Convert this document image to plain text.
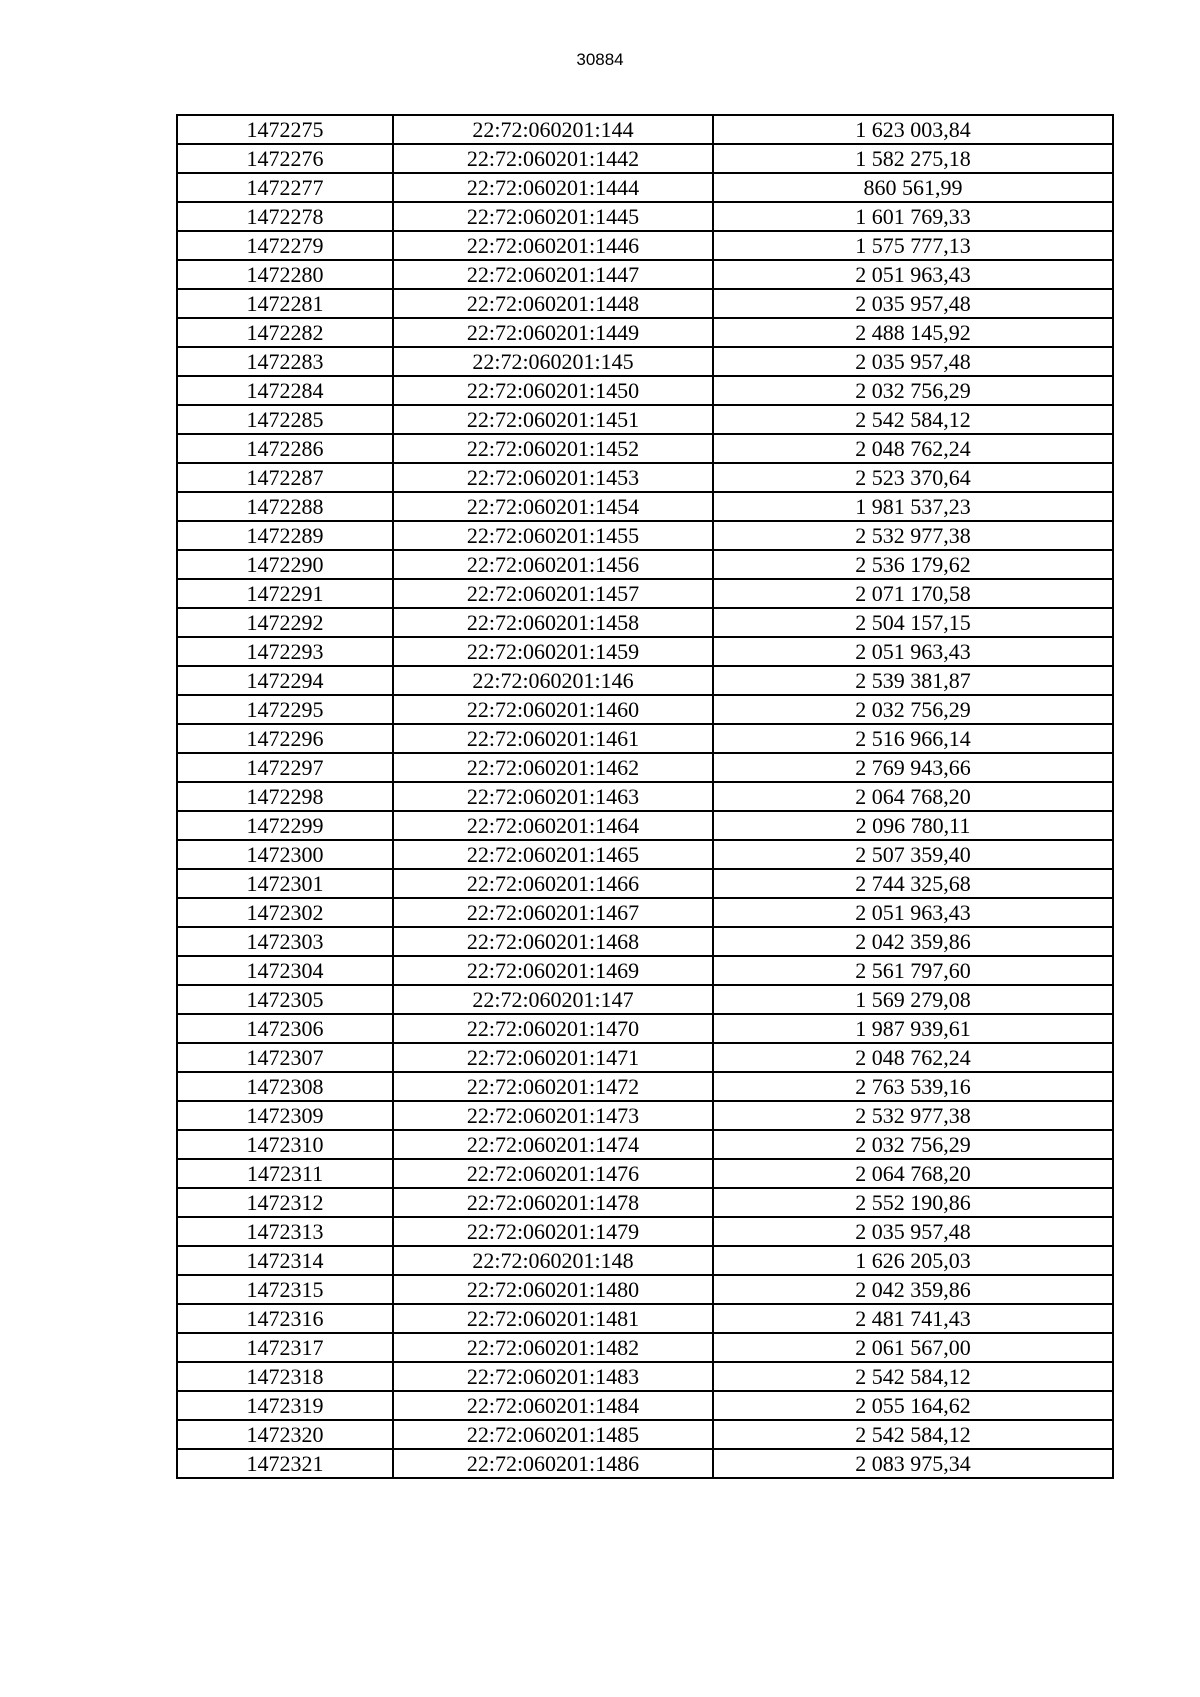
30884
1472275	22:72:060201:144	1 623 003,84
1472276	22:72:060201:1442	1 582 275,18
1472277	22:72:060201:1444	860 561,99
1472278	22:72:060201:1445	1 601 769,33
1472279	22:72:060201:1446	1 575 777,13
1472280	22:72:060201:1447	2 051 963,43
1472281	22:72:060201:1448	2 035 957,48
1472282	22:72:060201:1449	2 488 145,92
1472283	22:72:060201:145	2 035 957,48
1472284	22:72:060201:1450	2 032 756,29
1472285	22:72:060201:1451	2 542 584,12
1472286	22:72:060201:1452	2 048 762,24
1472287	22:72:060201:1453	2 523 370,64
1472288	22:72:060201:1454	1 981 537,23
1472289	22:72:060201:1455	2 532 977,38
1472290	22:72:060201:1456	2 536 179,62
1472291	22:72:060201:1457	2 071 170,58
1472292	22:72:060201:1458	2 504 157,15
1472293	22:72:060201:1459	2 051 963,43
1472294	22:72:060201:146	2 539 381,87
1472295	22:72:060201:1460	2 032 756,29
1472296	22:72:060201:1461	2 516 966,14
1472297	22:72:060201:1462	2 769 943,66
1472298	22:72:060201:1463	2 064 768,20
1472299	22:72:060201:1464	2 096 780,11
1472300	22:72:060201:1465	2 507 359,40
1472301	22:72:060201:1466	2 744 325,68
1472302	22:72:060201:1467	2 051 963,43
1472303	22:72:060201:1468	2 042 359,86
1472304	22:72:060201:1469	2 561 797,60
1472305	22:72:060201:147	1 569 279,08
1472306	22:72:060201:1470	1 987 939,61
1472307	22:72:060201:1471	2 048 762,24
1472308	22:72:060201:1472	2 763 539,16
1472309	22:72:060201:1473	2 532 977,38
1472310	22:72:060201:1474	2 032 756,29
1472311	22:72:060201:1476	2 064 768,20
1472312	22:72:060201:1478	2 552 190,86
1472313	22:72:060201:1479	2 035 957,48
1472314	22:72:060201:148	1 626 205,03
1472315	22:72:060201:1480	2 042 359,86
1472316	22:72:060201:1481	2 481 741,43
1472317	22:72:060201:1482	2 061 567,00
1472318	22:72:060201:1483	2 542 584,12
1472319	22:72:060201:1484	2 055 164,62
1472320	22:72:060201:1485	2 542 584,12
1472321	22:72:060201:1486	2 083 975,34
